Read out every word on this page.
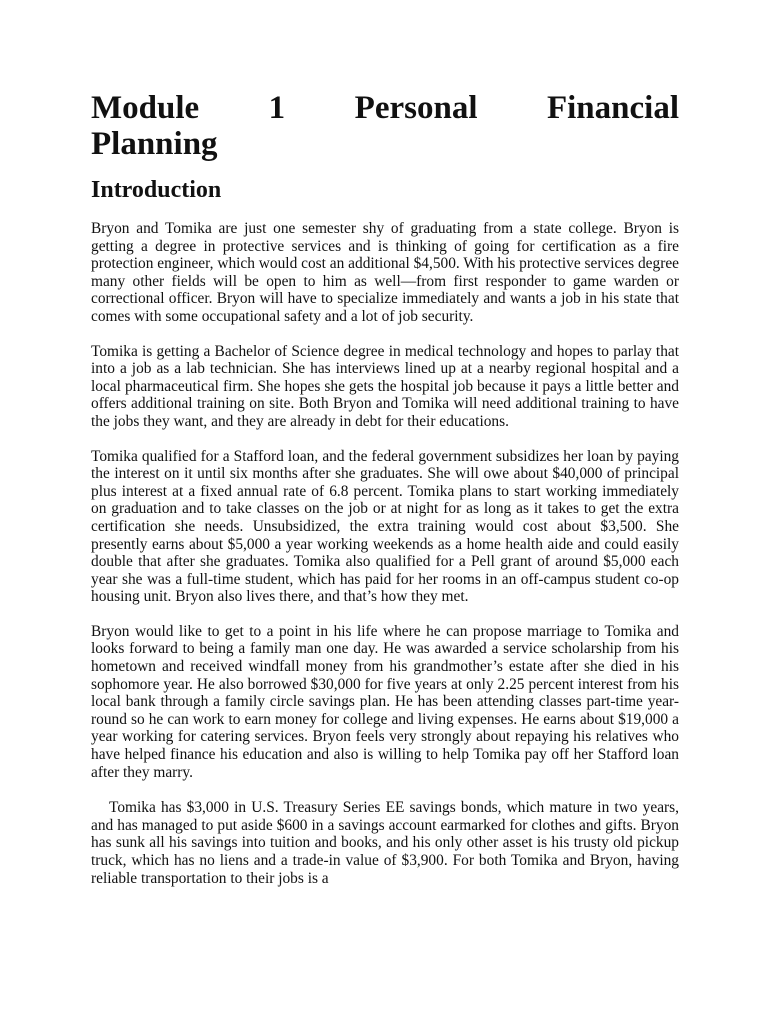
Module 1 Personal Financial
Planning
Introduction

Bryon and Tomika are just one semester shy of graduating from a state college. Bryon is getting a degree in protective services and is thinking of going for certification as a fire protection engineer, which would cost an additional $4,500. With his protective services degree many other fields will be open to him as well—from first responder to game warden or correctional officer. Bryon will have to specialize immediately and wants a job in his state that comes with some occupational safety and a lot of job security.

Tomika is getting a Bachelor of Science degree in medical technology and hopes to parlay that into a job as a lab technician. She has interviews lined up at a nearby regional hospital and a local pharmaceutical firm. She hopes she gets the hospital job because it pays a little better and offers additional training on site. Both Bryon and Tomika will need additional training to have the jobs they want, and they are already in debt for their educations.

Tomika qualified for a Stafford loan, and the federal government subsidizes her loan by paying the interest on it until six months after she graduates. She will owe about $40,000 of principal plus interest at a fixed annual rate of 6.8 percent. Tomika plans to start working immediately on graduation and to take classes on the job or at night for as long as it takes to get the extra certification she needs. Unsubsidized, the extra training would cost about $3,500. She presently earns about $5,000 a year working weekends as a home health aide and could easily double that after she graduates. Tomika also qualified for a Pell grant of around $5,000 each year she was a full-time student, which has paid for her rooms in an off-campus student co-op housing unit. Bryon also lives there, and that’s how they met.

Bryon would like to get to a point in his life where he can propose marriage to Tomika and looks forward to being a family man one day. He was awarded a service scholarship from his hometown and received windfall money from his grandmother’s estate after she died in his sophomore year. He also borrowed $30,000 for five years at only 2.25 percent interest from his local bank through a family circle savings plan. He has been attending classes part-time year-round so he can work to earn money for college and living expenses. He earns about $19,000 a year working for catering services. Bryon feels very strongly about repaying his relatives who have helped finance his education and also is willing to help Tomika pay off her Stafford loan after they marry.

Tomika has $3,000 in U.S. Treasury Series EE savings bonds, which mature in two years, and has managed to put aside $600 in a savings account earmarked for clothes and gifts. Bryon has sunk all his savings into tuition and books, and his only other asset is his trusty old pickup truck, which has no liens and a trade-in value of $3,900. For both Tomika and Bryon, having reliable transportation to their jobs is a
